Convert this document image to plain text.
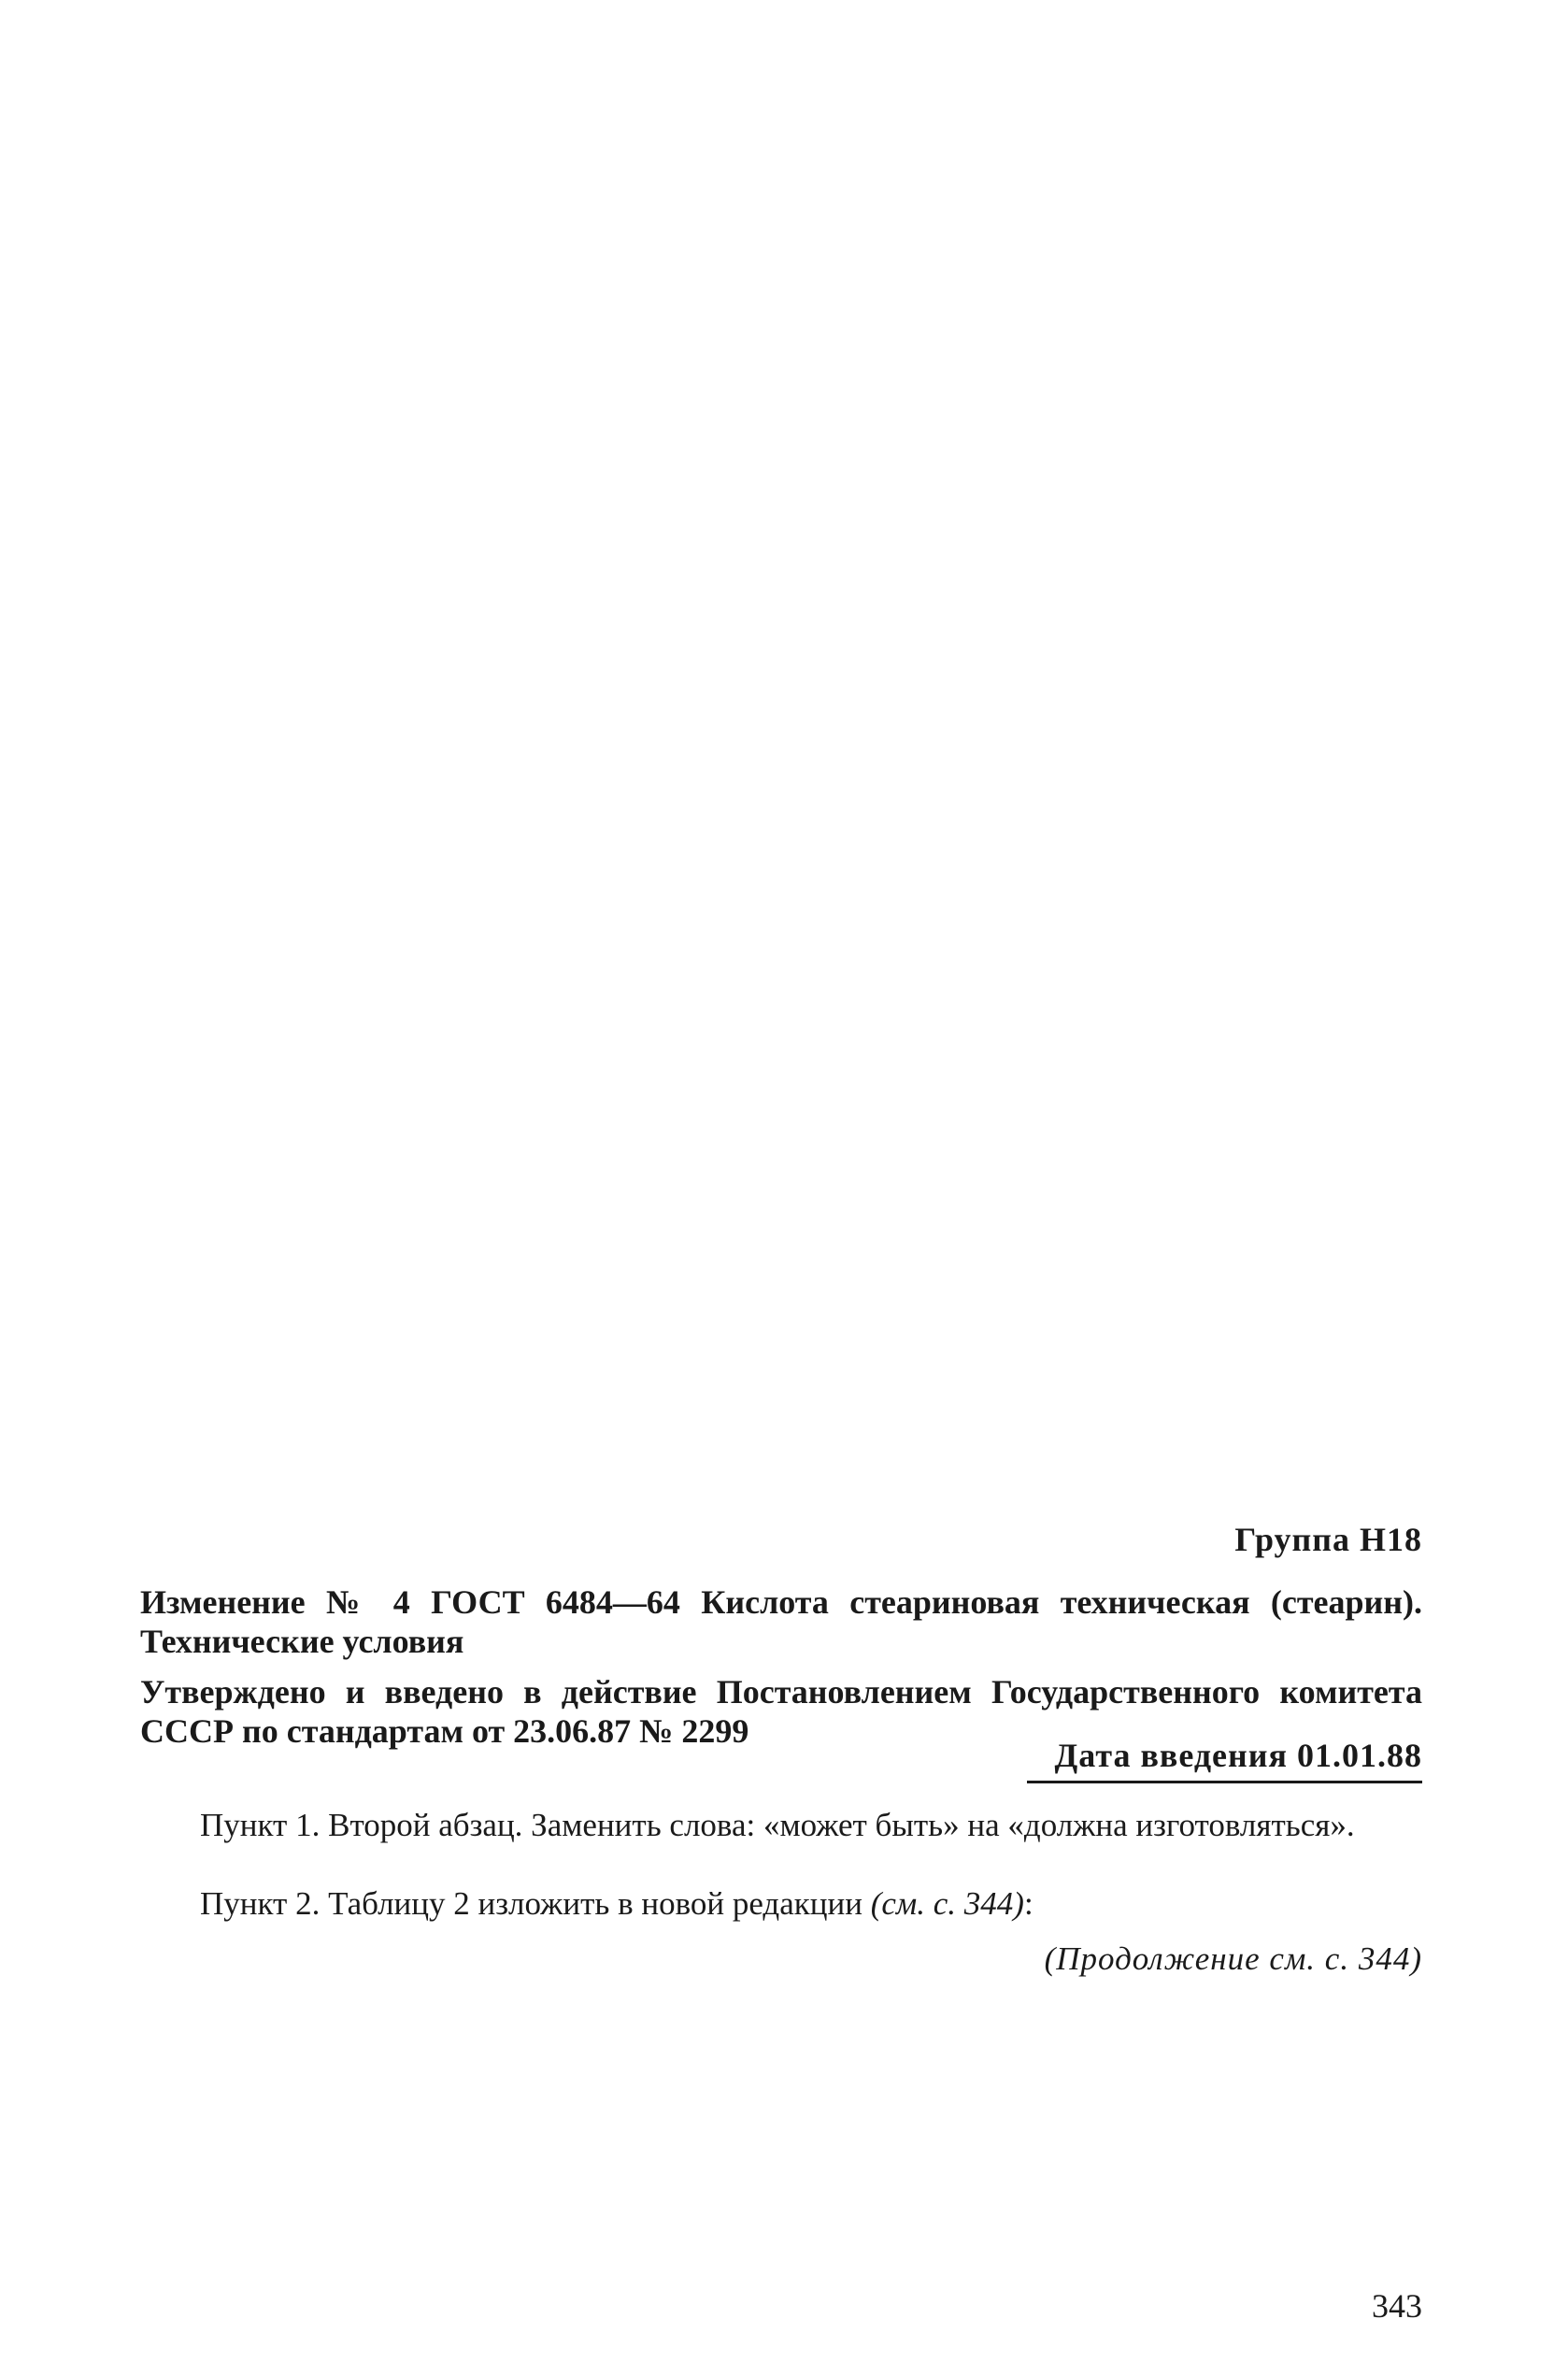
Группа Н18

Изменение № 4 ГОСТ 6484—64 Кислота стеариновая техническая (стеарин). Технические условия

Утверждено и введено в действие Постановлением Государственного комитета СССР по стандартам от 23.06.87 № 2299

Дата введения 01.01.88

Пункт 1. Второй абзац. Заменить слова: «может быть» на «должна изготовляться».

Пункт 2. Таблицу 2 изложить в новой редакции (см. с. 344):

(Продолжение см. с. 344)
343
